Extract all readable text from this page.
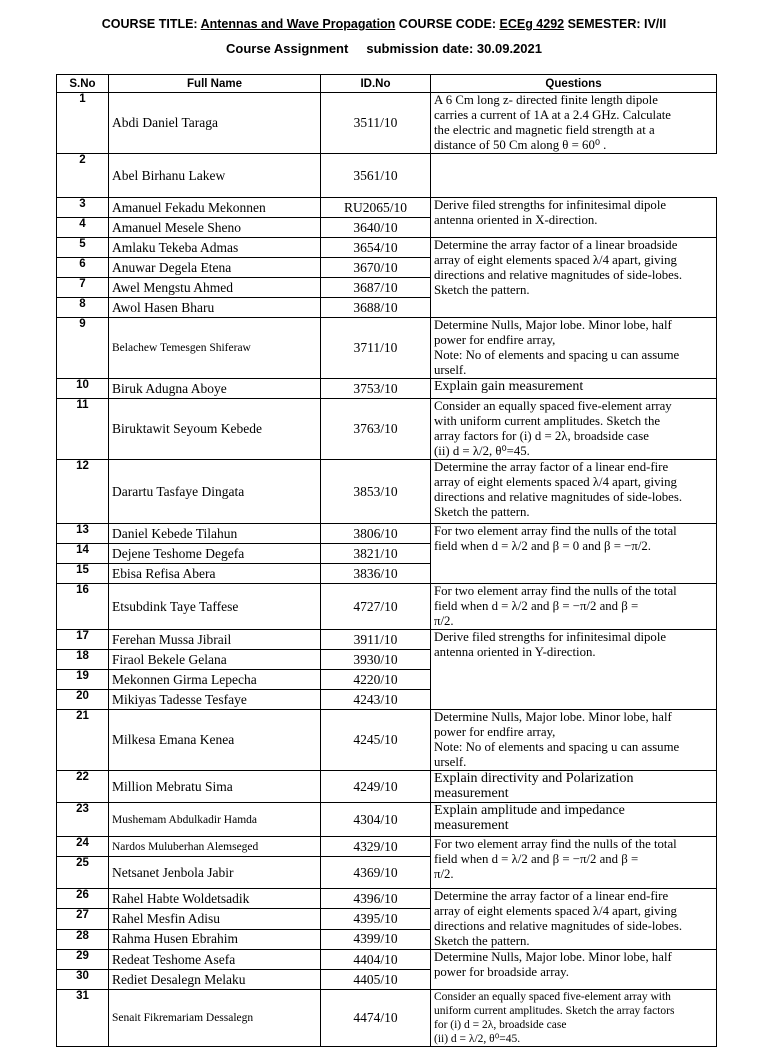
COURSE TITLE: Antennas and Wave Propagation COURSE CODE: ECEg 4292 SEMESTER: IV/II
Course Assignment submission date: 30.09.2021
S.No	Full Name	ID.No	Questions
1	Abdi Daniel Taraga	3511/10	A 6 Cm long z- directed finite length dipole
carries a current of 1A at a 2.4 GHz. Calculate
the electric and magnetic field strength at a
distance of 50 Cm along θ = 60⁰ .

2	Abel Birhanu Lakew	3561/10	
3	Amanuel Fekadu Mekonnen	RU2065/10	Derive filed strengths for infinitesimal dipole
antenna oriented in X-direction.

4	Amanuel Mesele Sheno	3640/10	
5	Amlaku Tekeba Admas	3654/10	Determine the array factor of a linear broadside
array of eight elements spaced λ/4 apart, giving
directions and relative magnitudes of side-lobes.
Sketch the pattern.

6	Anuwar Degela Etena	3670/10	
7	Awel Mengstu Ahmed	3687/10	
8	Awol Hasen Bharu	3688/10	
9	Belachew Temesgen Shiferaw	3711/10	Determine Nulls, Major lobe. Minor lobe, half
power for endfire array,
Note: No of elements and spacing u can assume
urself.

10	Biruk Adugna Aboye	3753/10	Explain gain measurement

11	Biruktawit Seyoum Kebede	3763/10	Consider an equally spaced five-element array
with uniform current amplitudes. Sketch the
array factors for (i) d = 2λ, broadside case
(ii) d = λ/2, θ⁰=45.

12	Darartu Tasfaye Dingata	3853/10	Determine the array factor of a linear end-fire
array of eight elements spaced λ/4 apart, giving
directions and relative magnitudes of side-lobes.
Sketch the pattern.

13	Daniel Kebede Tilahun	3806/10	For two element array find the nulls of the total
field when d = λ/2 and β = 0 and β = −π/2.

14	Dejene Teshome Degefa	3821/10	
15	Ebisa Refisa Abera	3836/10	
16	Etsubdink Taye Taffese	4727/10	For two element array find the nulls of the total
field when d = λ/2 and β = −π/2 and β =
π/2.

17	Ferehan Mussa Jibrail	3911/10	Derive filed strengths for infinitesimal dipole
antenna oriented in Y-direction.

18	Firaol Bekele Gelana	3930/10	
19	Mekonnen Girma Lepecha	4220/10	
20	Mikiyas Tadesse Tesfaye	4243/10	
21	Milkesa Emana Kenea	4245/10	Determine Nulls, Major lobe. Minor lobe, half
power for endfire array,
Note: No of elements and spacing u can assume
urself.

22	Million Mebratu Sima	4249/10	Explain directivity and Polarization
measurement

23	Mushemam Abdulkadir Hamda	4304/10	Explain amplitude and impedance
measurement

24	Nardos Muluberhan Alemseged	4329/10	For two element array find the nulls of the total
field when d = λ/2 and β = −π/2 and β =
π/2.

25	Netsanet Jenbola Jabir	4369/10	
26	Rahel Habte Woldetsadik	4396/10	Determine the array factor of a linear end-fire
array of eight elements spaced λ/4 apart, giving
directions and relative magnitudes of side-lobes.
Sketch the pattern.

27	Rahel Mesfin Adisu	4395/10	
28	Rahma Husen Ebrahim	4399/10	
29	Redeat Teshome Asefa	4404/10	Determine Nulls, Major lobe. Minor lobe, half
power for broadside array.

30	Rediet Desalegn Melaku	4405/10	
31	Senait Fikremariam Dessalegn	4474/10	Consider an equally spaced five-element array with
uniform current amplitudes. Sketch the array factors
for (i) d = 2λ, broadside case
(ii) d = λ/2, θ⁰=45.
